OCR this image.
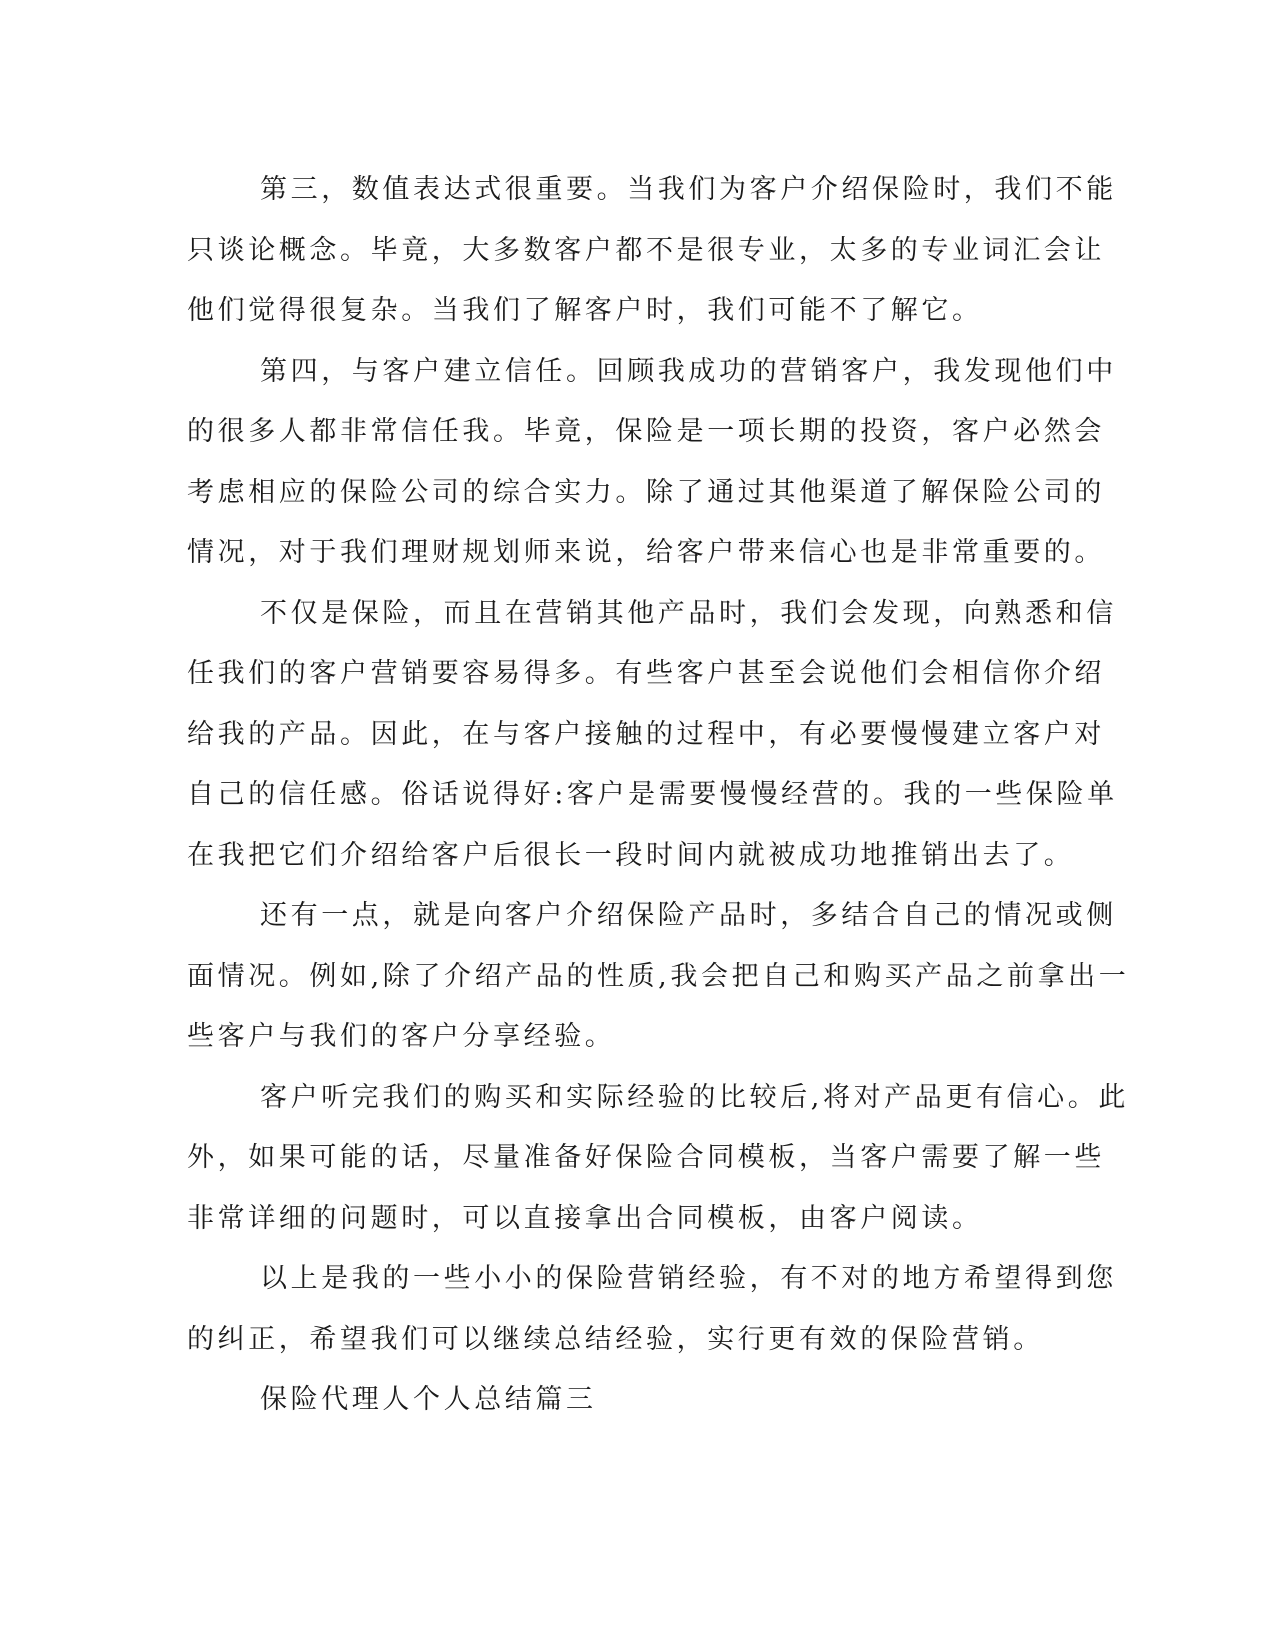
第三，数值表达式很重要。当我们为客户介绍保险时，我们不能
只谈论概念。毕竟，大多数客户都不是很专业，太多的专业词汇会让
他们觉得很复杂。当我们了解客户时，我们可能不了解它。

第四，与客户建立信任。回顾我成功的营销客户，我发现他们中
的很多人都非常信任我。毕竟，保险是一项长期的投资，客户必然会
考虑相应的保险公司的综合实力。除了通过其他渠道了解保险公司的
情况，对于我们理财规划师来说，给客户带来信心也是非常重要的。

不仅是保险，而且在营销其他产品时，我们会发现，向熟悉和信
任我们的客户营销要容易得多。有些客户甚至会说他们会相信你介绍
给我的产品。因此，在与客户接触的过程中，有必要慢慢建立客户对
自己的信任感。俗话说得好:客户是需要慢慢经营的。我的一些保险单
在我把它们介绍给客户后很长一段时间内就被成功地推销出去了。

还有一点，就是向客户介绍保险产品时，多结合自己的情况或侧
面情况。例如,除了介绍产品的性质,我会把自己和购买产品之前拿出一
些客户与我们的客户分享经验。

客户听完我们的购买和实际经验的比较后,将对产品更有信心。此
外，如果可能的话，尽量准备好保险合同模板，当客户需要了解一些
非常详细的问题时，可以直接拿出合同模板，由客户阅读。

以上是我的一些小小的保险营销经验，有不对的地方希望得到您
的纠正，希望我们可以继续总结经验，实行更有效的保险营销。

保险代理人个人总结篇三
